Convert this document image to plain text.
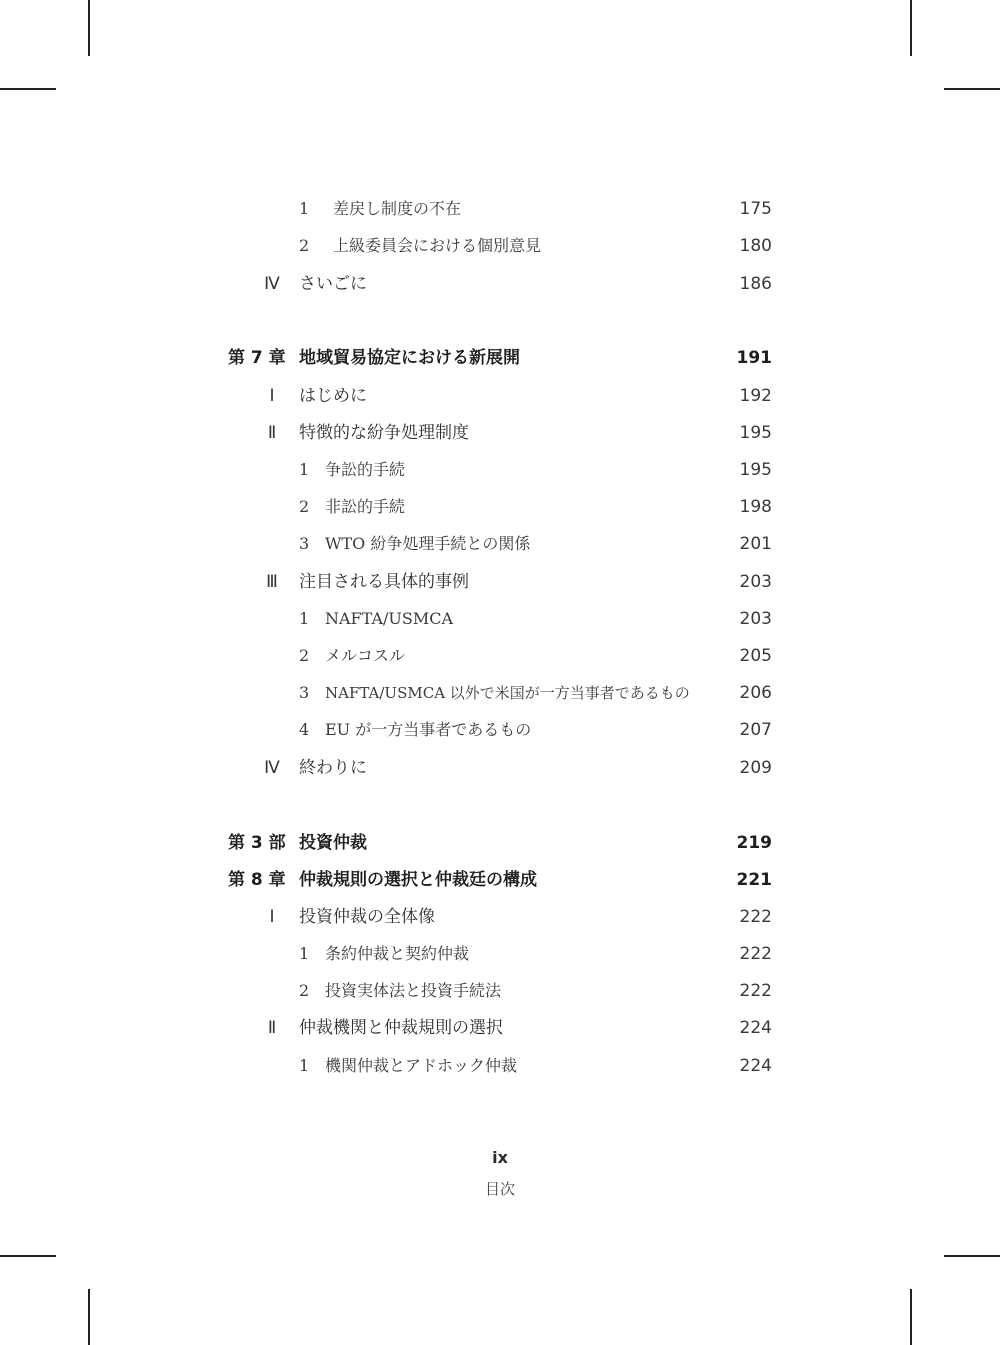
1 差戻し制度の不在	175
2 上級委員会における個別意見	180
Ⅳ さいごに	186
第 7 章 地域貿易協定における新展開	191
Ⅰ	はじめに	192
Ⅱ	特徴的な紛争処理制度	195
1 争訟的手続	195
2 非訟的手続	198
3 WTO 紛争処理手続との関係	201
Ⅲ 注目される具体的事例	203
1 NAFTA/USMCA	203
2 メルコスル	205
3 NAFTA/USMCA 以外で米国が一方当事者であるもの	206
4 EU が一方当事者であるもの	207
Ⅳ 終わりに	209
第 3 部 投資仲裁	219
第 8 章 仲裁規則の選択と仲裁廷の構成	221
Ⅰ	投資仲裁の全体像	222
1 条約仲裁と契約仲裁	222
2 投資実体法と投資手続法	222
Ⅱ	仲裁機関と仲裁規則の選択	224
1 機関仲裁とアドホック仲裁	224
ix
目次
